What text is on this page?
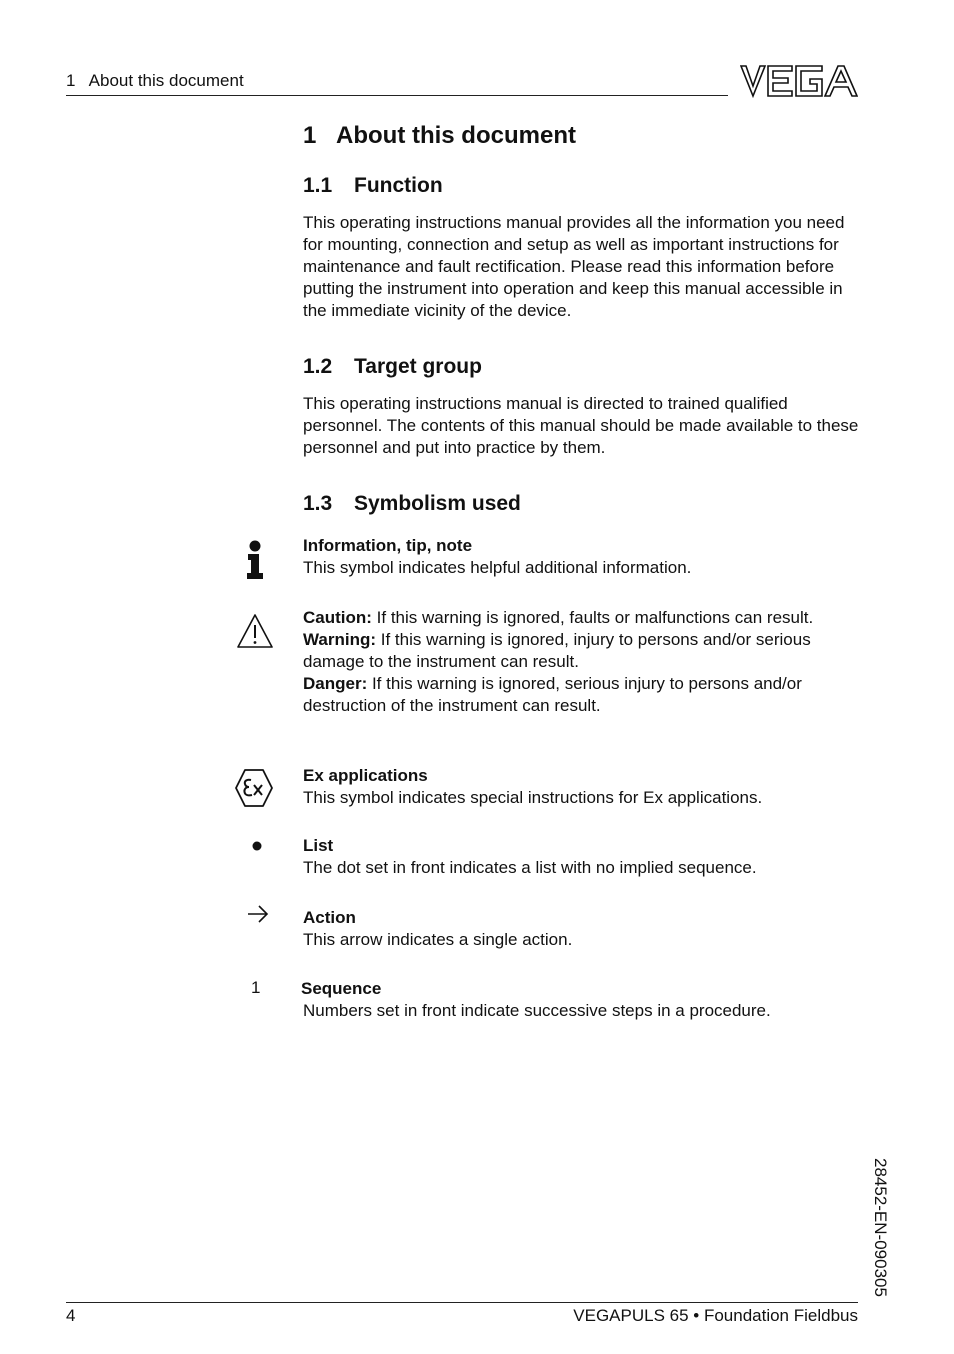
1   About this document
1 About this document
1.1 Function

This operating instructions manual provides all the information you need for mounting, connection and setup as well as important instructions for maintenance and fault rectification. Please read this information before putting the instrument into operation and keep this manual accessible in the immediate vicinity of the device.

1.2 Target group

This operating instructions manual is directed to trained qualified personnel. The contents of this manual should be made available to these personnel and put into practice by them.

1.3 Symbolism used
Information, tip, note
This symbol indicates helpful additional information.
Caution: If this warning is ignored, faults or malfunctions can result.
Warning: If this warning is ignored, injury to persons and/or serious damage to the instrument can result.
Danger: If this warning is ignored, serious injury to persons and/or destruction of the instrument can result.
Ex applications
This symbol indicates special instructions for Ex applications.
List
The dot set in front indicates a list with no implied sequence.
Action
This arrow indicates a single action.
1 Sequence
Numbers set in front indicate successive steps in a procedure.
28452-EN-090305
4	VEGAPULS 65 • Foundation Fieldbus
